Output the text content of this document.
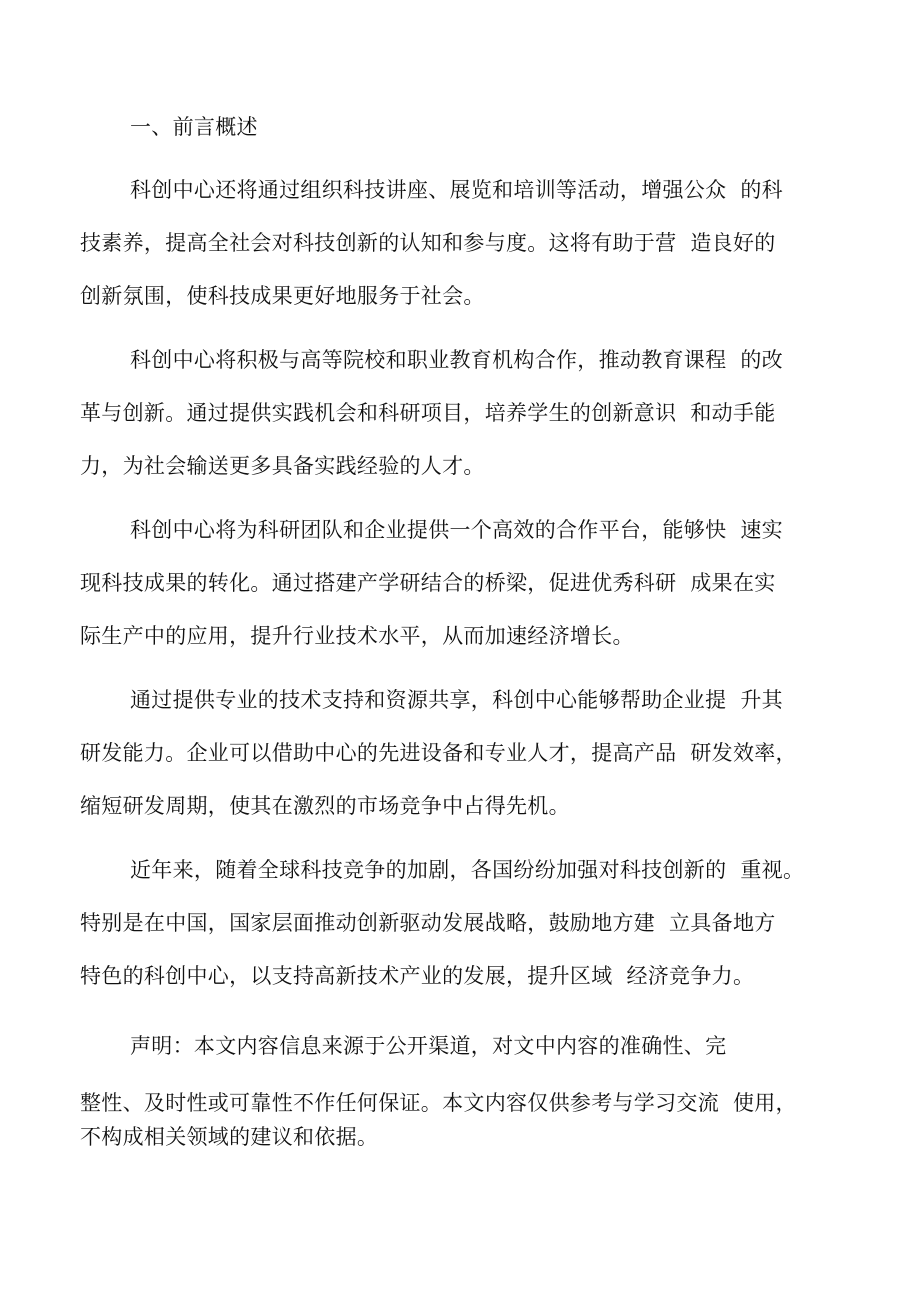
一、前言概述
科创中心还将通过组织科技讲座、展览和培训等活动，增强公众  的科
技素养，提高全社会对科技创新的认知和参与度。这将有助于营  造良好的
创新氛围，使科技成果更好地服务于社会。
科创中心将积极与高等院校和职业教育机构合作，推动教育课程  的改
革与创新。通过提供实践机会和科研项目，培养学生的创新意识  和动手能
力，为社会输送更多具备实践经验的人才。
科创中心将为科研团队和企业提供一个高效的合作平台，能够快  速实
现科技成果的转化。通过搭建产学研结合的桥梁，促进优秀科研  成果在实
际生产中的应用，提升行业技术水平，从而加速经济增长。
通过提供专业的技术支持和资源共享，科创中心能够帮助企业提  升其
研发能力。企业可以借助中心的先进设备和专业人才，提高产品  研发效率，
缩短研发周期，使其在激烈的市场竞争中占得先机。
近年来，随着全球科技竞争的加剧，各国纷纷加强对科技创新的  重视。
特别是在中国，国家层面推动创新驱动发展战略，鼓励地方建  立具备地方
特色的科创中心，以支持高新技术产业的发展，提升区域  经济竞争力。
声明：本文内容信息来源于公开渠道，对文中内容的准确性、完
整性、及时性或可靠性不作任何保证。本文内容仅供参考与学习交流  使用，
不构成相关领域的建议和依据。
